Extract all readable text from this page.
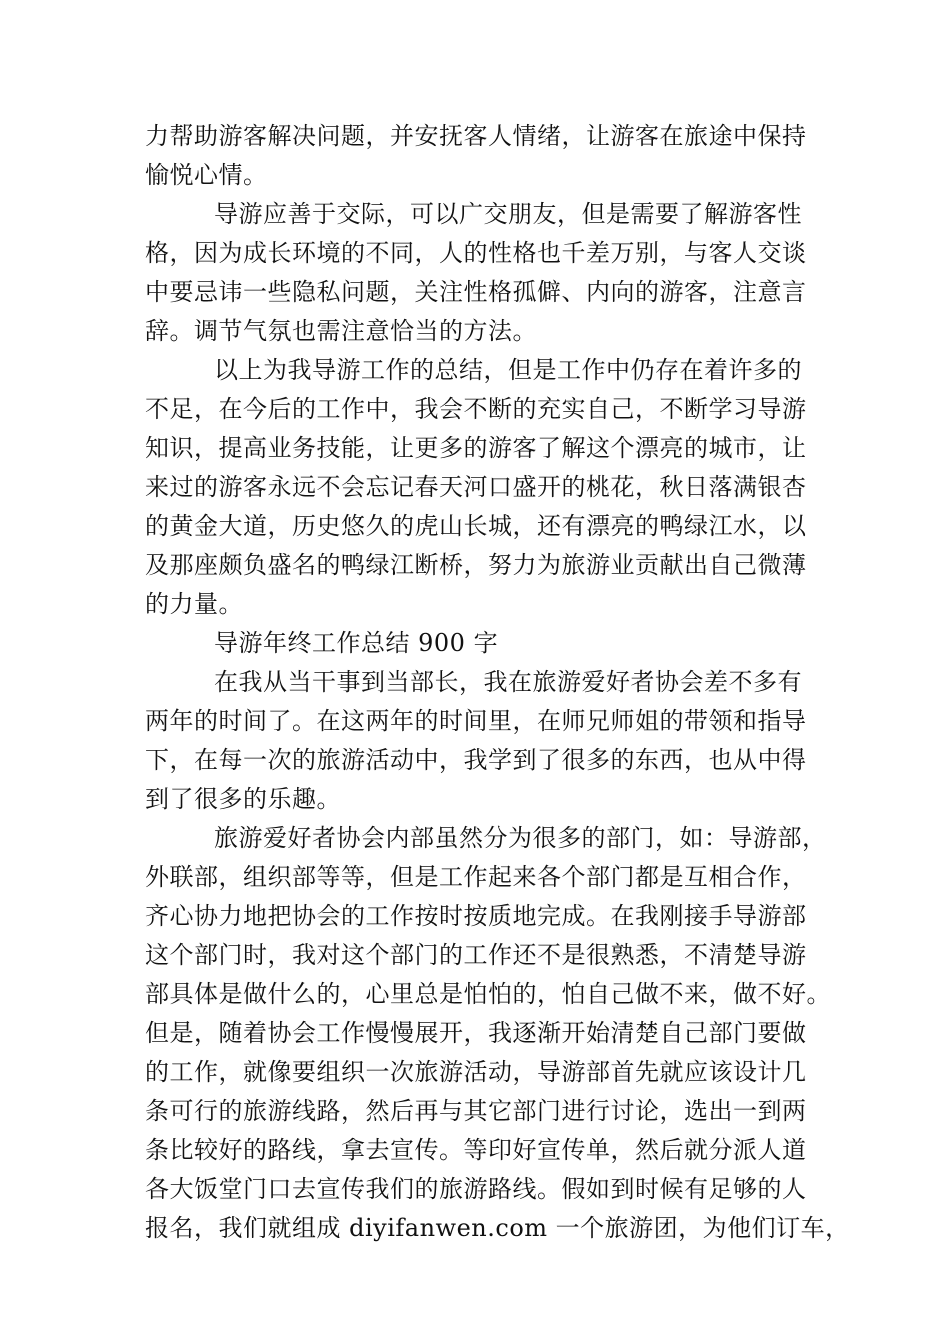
力帮助游客解决问题，并安抚客人情绪，让游客在旅途中保持
愉悦心情。
导游应善于交际，可以广交朋友，但是需要了解游客性
格，因为成长环境的不同，人的性格也千差万别，与客人交谈
中要忌讳一些隐私问题，关注性格孤僻、内向的游客，注意言
辞。调节气氛也需注意恰当的方法。
以上为我导游工作的总结，但是工作中仍存在着许多的
不足，在今后的工作中，我会不断的充实自己，不断学习导游
知识，提高业务技能，让更多的游客了解这个漂亮的城市，让
来过的游客永远不会忘记春天河口盛开的桃花，秋日落满银杏
的黄金大道，历史悠久的虎山长城，还有漂亮的鸭绿江水，以
及那座颇负盛名的鸭绿江断桥，努力为旅游业贡献出自己微薄
的力量。
导游年终工作总结 900 字
在我从当干事到当部长，我在旅游爱好者协会差不多有
两年的时间了。在这两年的时间里，在师兄师姐的带领和指导
下，在每一次的旅游活动中，我学到了很多的东西，也从中得
到了很多的乐趣。
旅游爱好者协会内部虽然分为很多的部门，如：导游部，
外联部，组织部等等，但是工作起来各个部门都是互相合作，
齐心协力地把协会的工作按时按质地完成。在我刚接手导游部
这个部门时，我对这个部门的工作还不是很熟悉，不清楚导游
部具体是做什么的，心里总是怕怕的，怕自己做不来，做不好。
但是，随着协会工作慢慢展开，我逐渐开始清楚自己部门要做
的工作，就像要组织一次旅游活动，导游部首先就应该设计几
条可行的旅游线路，然后再与其它部门进行讨论，选出一到两
条比较好的路线，拿去宣传。等印好宣传单，然后就分派人道
各大饭堂门口去宣传我们的旅游路线。假如到时候有足够的人
报名，我们就组成 diyifanwen.com 一个旅游团，为他们订车，
